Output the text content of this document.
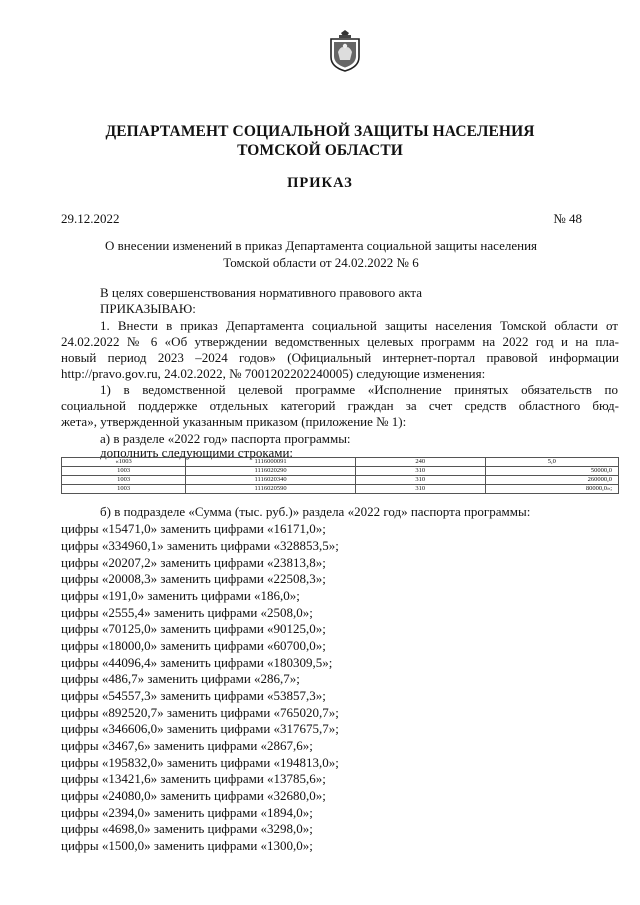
ДЕПАРТАМЕНТ СОЦИАЛЬНОЙ ЗАЩИТЫ НАСЕЛЕНИЯ
ТОМСКОЙ ОБЛАСТИ
ПРИКАЗ
29.12.2022	№ 48
О внесении изменений в приказ Департамента социальной защиты населения
Томской области от 24.02.2022 № 6
В целях совершенствования нормативного правового акта
ПРИКАЗЫВАЮ:
1. Внести в приказ Департамента социальной защиты населения Томской области от
24.02.2022 № 6 «Об утверждении ведомственных целевых программ на 2022 год и на пла-
новый период 2023 –2024 годов» (Официальный интернет-портал правовой информации
http://pravo.gov.ru, 24.02.2022, № 7001202202240005) следующие изменения:
1) в ведомственной целевой программе «Исполнение принятых обязательств по
социальной поддержке отдельных категорий граждан за счет средств областного бюд-
жета», утвержденной указанным приказом (приложение № 1):
а) в разделе «2022 год» паспорта программы:
дополнить следующими строками:
«1003	1116000091	240	5,0
1003	1116020290	310	50000,0
1003	1116020340	310	260000,0
1003	1116020590	310	80000,0»;
б) в подразделе «Сумма (тыс. руб.)» раздела «2022 год» паспорта программы:
цифры «15471,0» заменить цифрами «16171,0»;
цифры «334960,1» заменить цифрами «328853,5»;
цифры «20207,2» заменить цифрами «23813,8»;
цифры «20008,3» заменить цифрами «22508,3»;
цифры «191,0» заменить цифрами «186,0»;
цифры «2555,4» заменить цифрами «2508,0»;
цифры «70125,0» заменить цифрами «90125,0»;
цифры «18000,0» заменить цифрами «60700,0»;
цифры «44096,4» заменить цифрами «180309,5»;
цифры «486,7» заменить цифрами «286,7»;
цифры «54557,3» заменить цифрами «53857,3»;
цифры «892520,7» заменить цифрами «765020,7»;
цифры «346606,0» заменить цифрами «317675,7»;
цифры «3467,6» заменить цифрами «2867,6»;
цифры «195832,0» заменить цифрами «194813,0»;
цифры «13421,6» заменить цифрами «13785,6»;
цифры «24080,0» заменить цифрами «32680,0»;
цифры «2394,0» заменить цифрами «1894,0»;
цифры «4698,0» заменить цифрами «3298,0»;
цифры «1500,0» заменить цифрами «1300,0»;
